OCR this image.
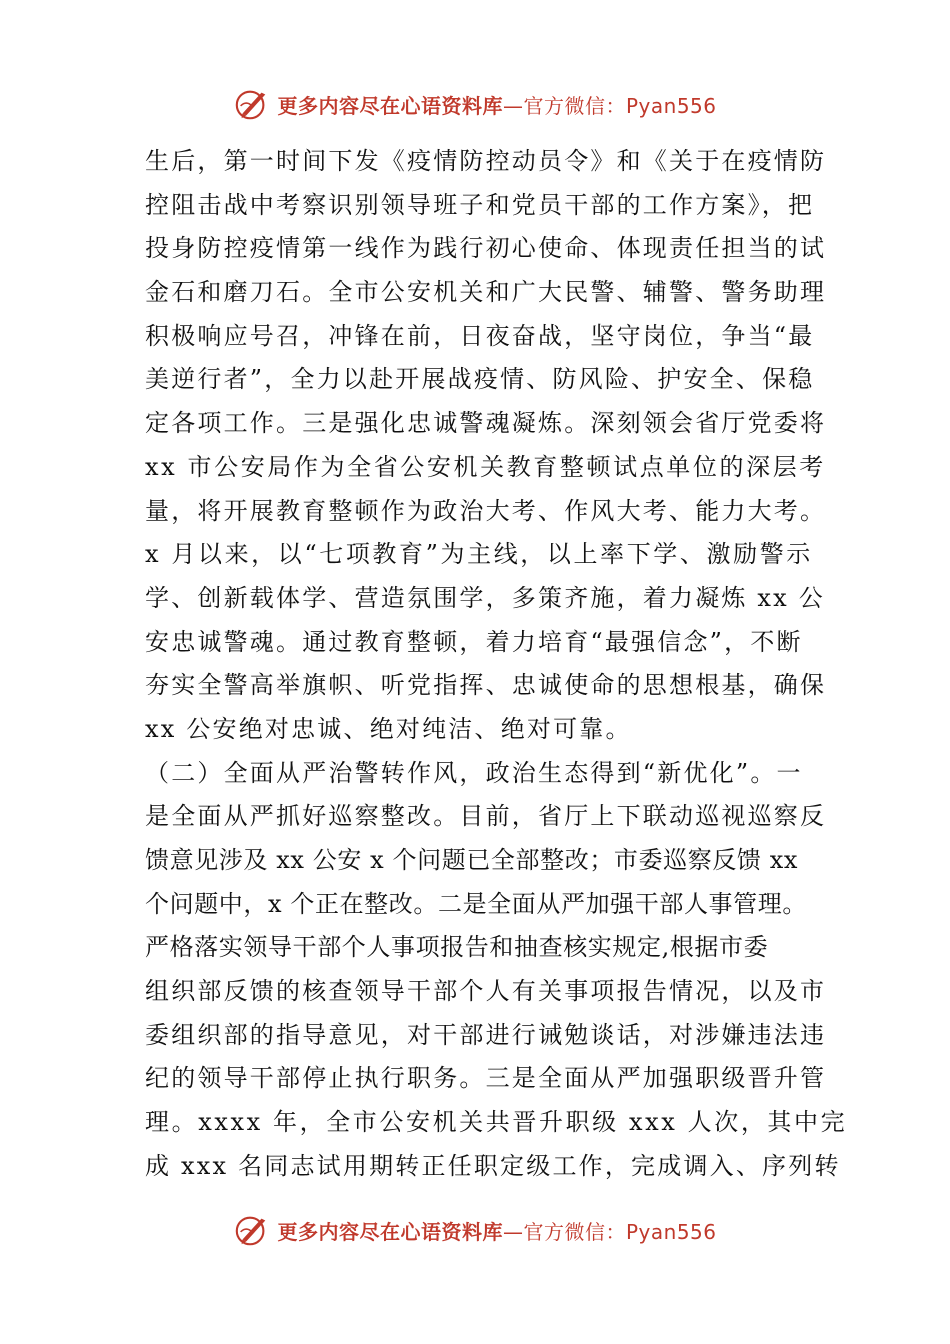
更多内容尽在心语资料库—官方微信：Pyan556
生后，第一时间下发《疫情防控动员令》和《关于在疫情防
控阻击战中考察识别领导班子和党员干部的工作方案》，把
投身防控疫情第一线作为践行初心使命、体现责任担当的试
金石和磨刀石。全市公安机关和广大民警、辅警、警务助理
积极响应号召，冲锋在前，日夜奋战，坚守岗位，争当“最
美逆行者”，全力以赴开展战疫情、防风险、护安全、保稳
定各项工作。三是强化忠诚警魂凝炼。深刻领会省厅党委将
xx 市公安局作为全省公安机关教育整顿试点单位的深层考
量，将开展教育整顿作为政治大考、作风大考、能力大考。
x 月以来，以“七项教育”为主线，以上率下学、激励警示
学、创新载体学、营造氛围学，多策齐施，着力凝炼 xx 公
安忠诚警魂。通过教育整顿，着力培育“最强信念”，不断
夯实全警高举旗帜、听党指挥、忠诚使命的思想根基，确保
xx 公安绝对忠诚、绝对纯洁、绝对可靠。
（二）全面从严治警转作风，政治生态得到“新优化”。一
是全面从严抓好巡察整改。目前，省厅上下联动巡视巡察反
馈意见涉及 xx 公安 x 个问题已全部整改；市委巡察反馈 xx
个问题中，x 个正在整改。二是全面从严加强干部人事管理。
严格落实领导干部个人事项报告和抽查核实规定,根据市委
组织部反馈的核查领导干部个人有关事项报告情况，以及市
委组织部的指导意见，对干部进行诫勉谈话，对涉嫌违法违
纪的领导干部停止执行职务。三是全面从严加强职级晋升管
理。xxxx 年，全市公安机关共晋升职级 xxx 人次，其中完
成 xxx 名同志试用期转正任职定级工作，完成调入、序列转
更多内容尽在心语资料库—官方微信：Pyan556
